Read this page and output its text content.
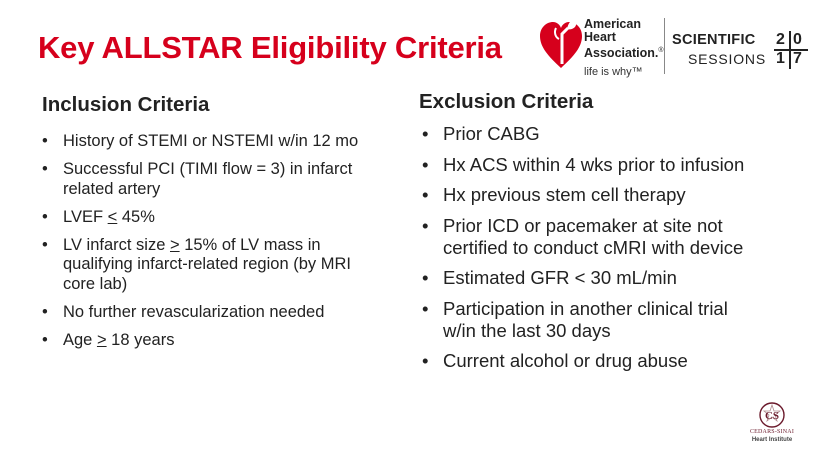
Key ALLSTAR Eligibility Criteria
American
Heart
Association.®
life is why™
SCIENTIFIC
SESSIONS
2 0
1 7
Inclusion Criteria
• History of STEMI or NSTEMI w/in 12 mo
• Successful PCI (TIMI flow = 3) in infarct related artery
• LVEF < 45%
• LV infarct size > 15% of LV mass in qualifying infarct-related region (by MRI core lab)
• No further revascularization needed
• Age > 18 years
Exclusion Criteria
• Prior CABG
• Hx ACS within 4 wks prior to infusion
• Hx previous stem cell therapy
• Prior ICD or pacemaker at site not certified to conduct cMRI with device
• Estimated GFR < 30 mL/min
• Participation in another clinical trial w/in the last 30 days
• Current alcohol or drug abuse
CS
CEDARS-SINAI
Heart Institute
